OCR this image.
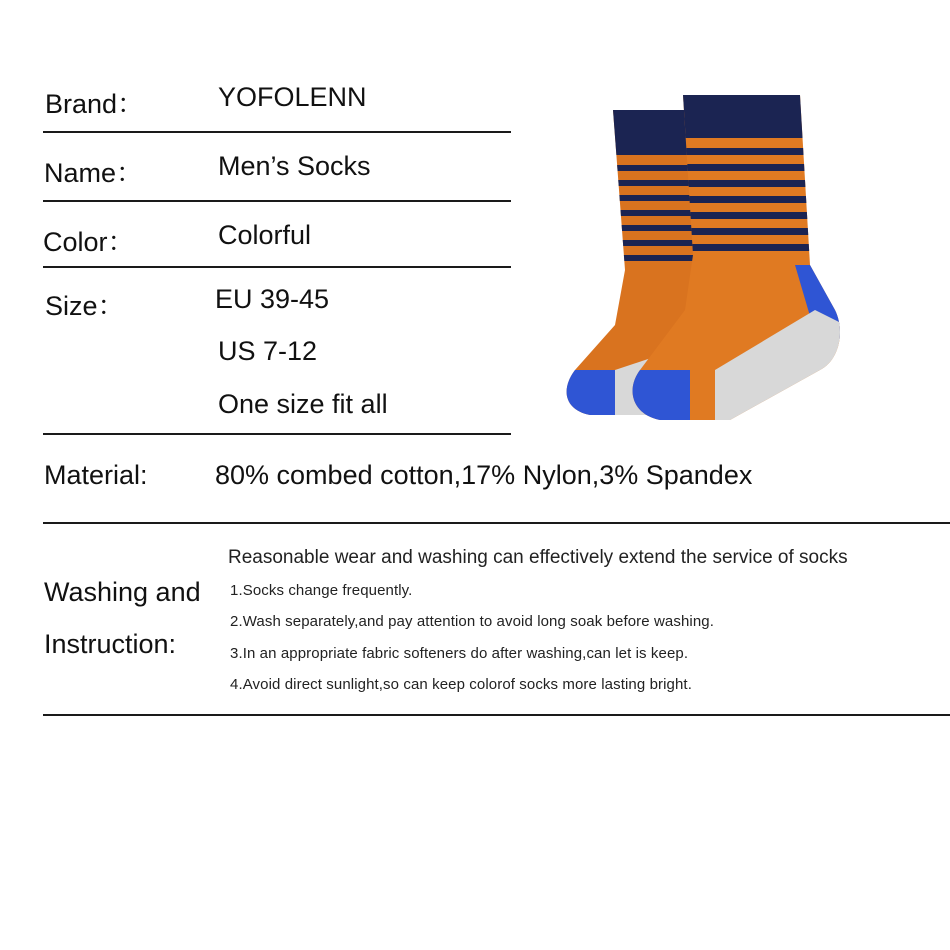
Brand：	YOFOLENN
Name：	Men’s Socks
Color：	Colorful
Size：	EU 39-45
US 7-12
One size fit all
Material: 80% combed cotton,17% Nylon,3% Spandex
Washing and
Instruction:
Reasonable wear and washing can effectively extend the service of socks
1.Socks change frequently.
2.Wash separately,and pay attention to avoid long soak before washing.
3.In an appropriate fabric softeners do after washing,can let is keep.
4.Avoid direct sunlight,so can keep colorof socks more lasting bright.
